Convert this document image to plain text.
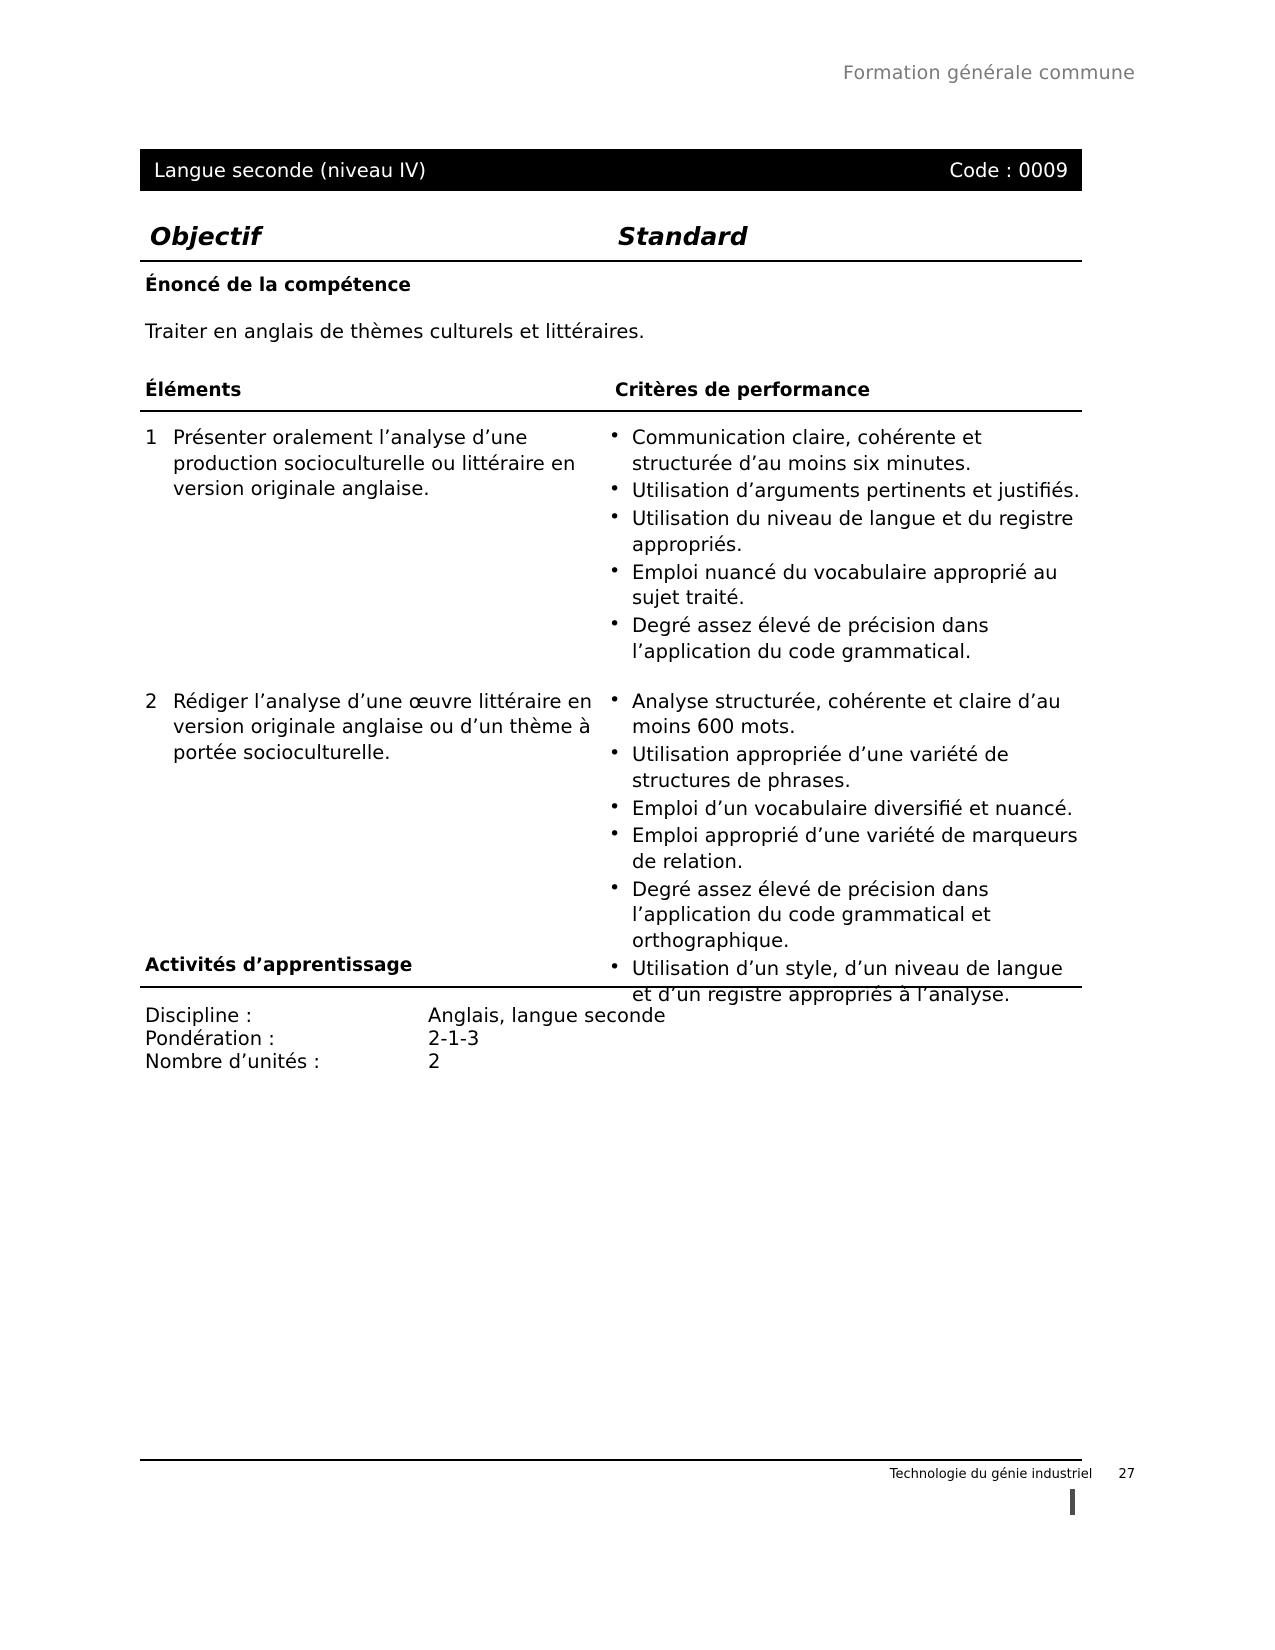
Formation générale commune
Langue seconde (niveau IV)	Code : 0009
Objectif	Standard
Énoncé de la compétence
Traiter en anglais de thèmes culturels et littéraires.
Éléments	Critères de performance
1 Présenter oralement l’analyse d’une production socioculturelle ou littéraire en version originale anglaise.
• Communication claire, cohérente et structurée d’au moins six minutes.
• Utilisation d’arguments pertinents et justifiés.
• Utilisation du niveau de langue et du registre appropriés.
• Emploi nuancé du vocabulaire approprié au sujet traité.
• Degré assez élevé de précision dans l’application du code grammatical.
2 Rédiger l’analyse d’une œuvre littéraire en version originale anglaise ou d’un thème à portée socioculturelle.
• Analyse structurée, cohérente et claire d’au moins 600 mots.
• Utilisation appropriée d’une variété de structures de phrases.
• Emploi d’un vocabulaire diversifié et nuancé.
• Emploi approprié d’une variété de marqueurs de relation.
• Degré assez élevé de précision dans l’application du code grammatical et orthographique.
• Utilisation d’un style, d’un niveau de langue et d’un registre appropriés à l’analyse.
Activités d’apprentissage
Discipline :	Anglais, langue seconde
Pondération :	2-1-3
Nombre d’unités :	2
Technologie du génie industriel 27
